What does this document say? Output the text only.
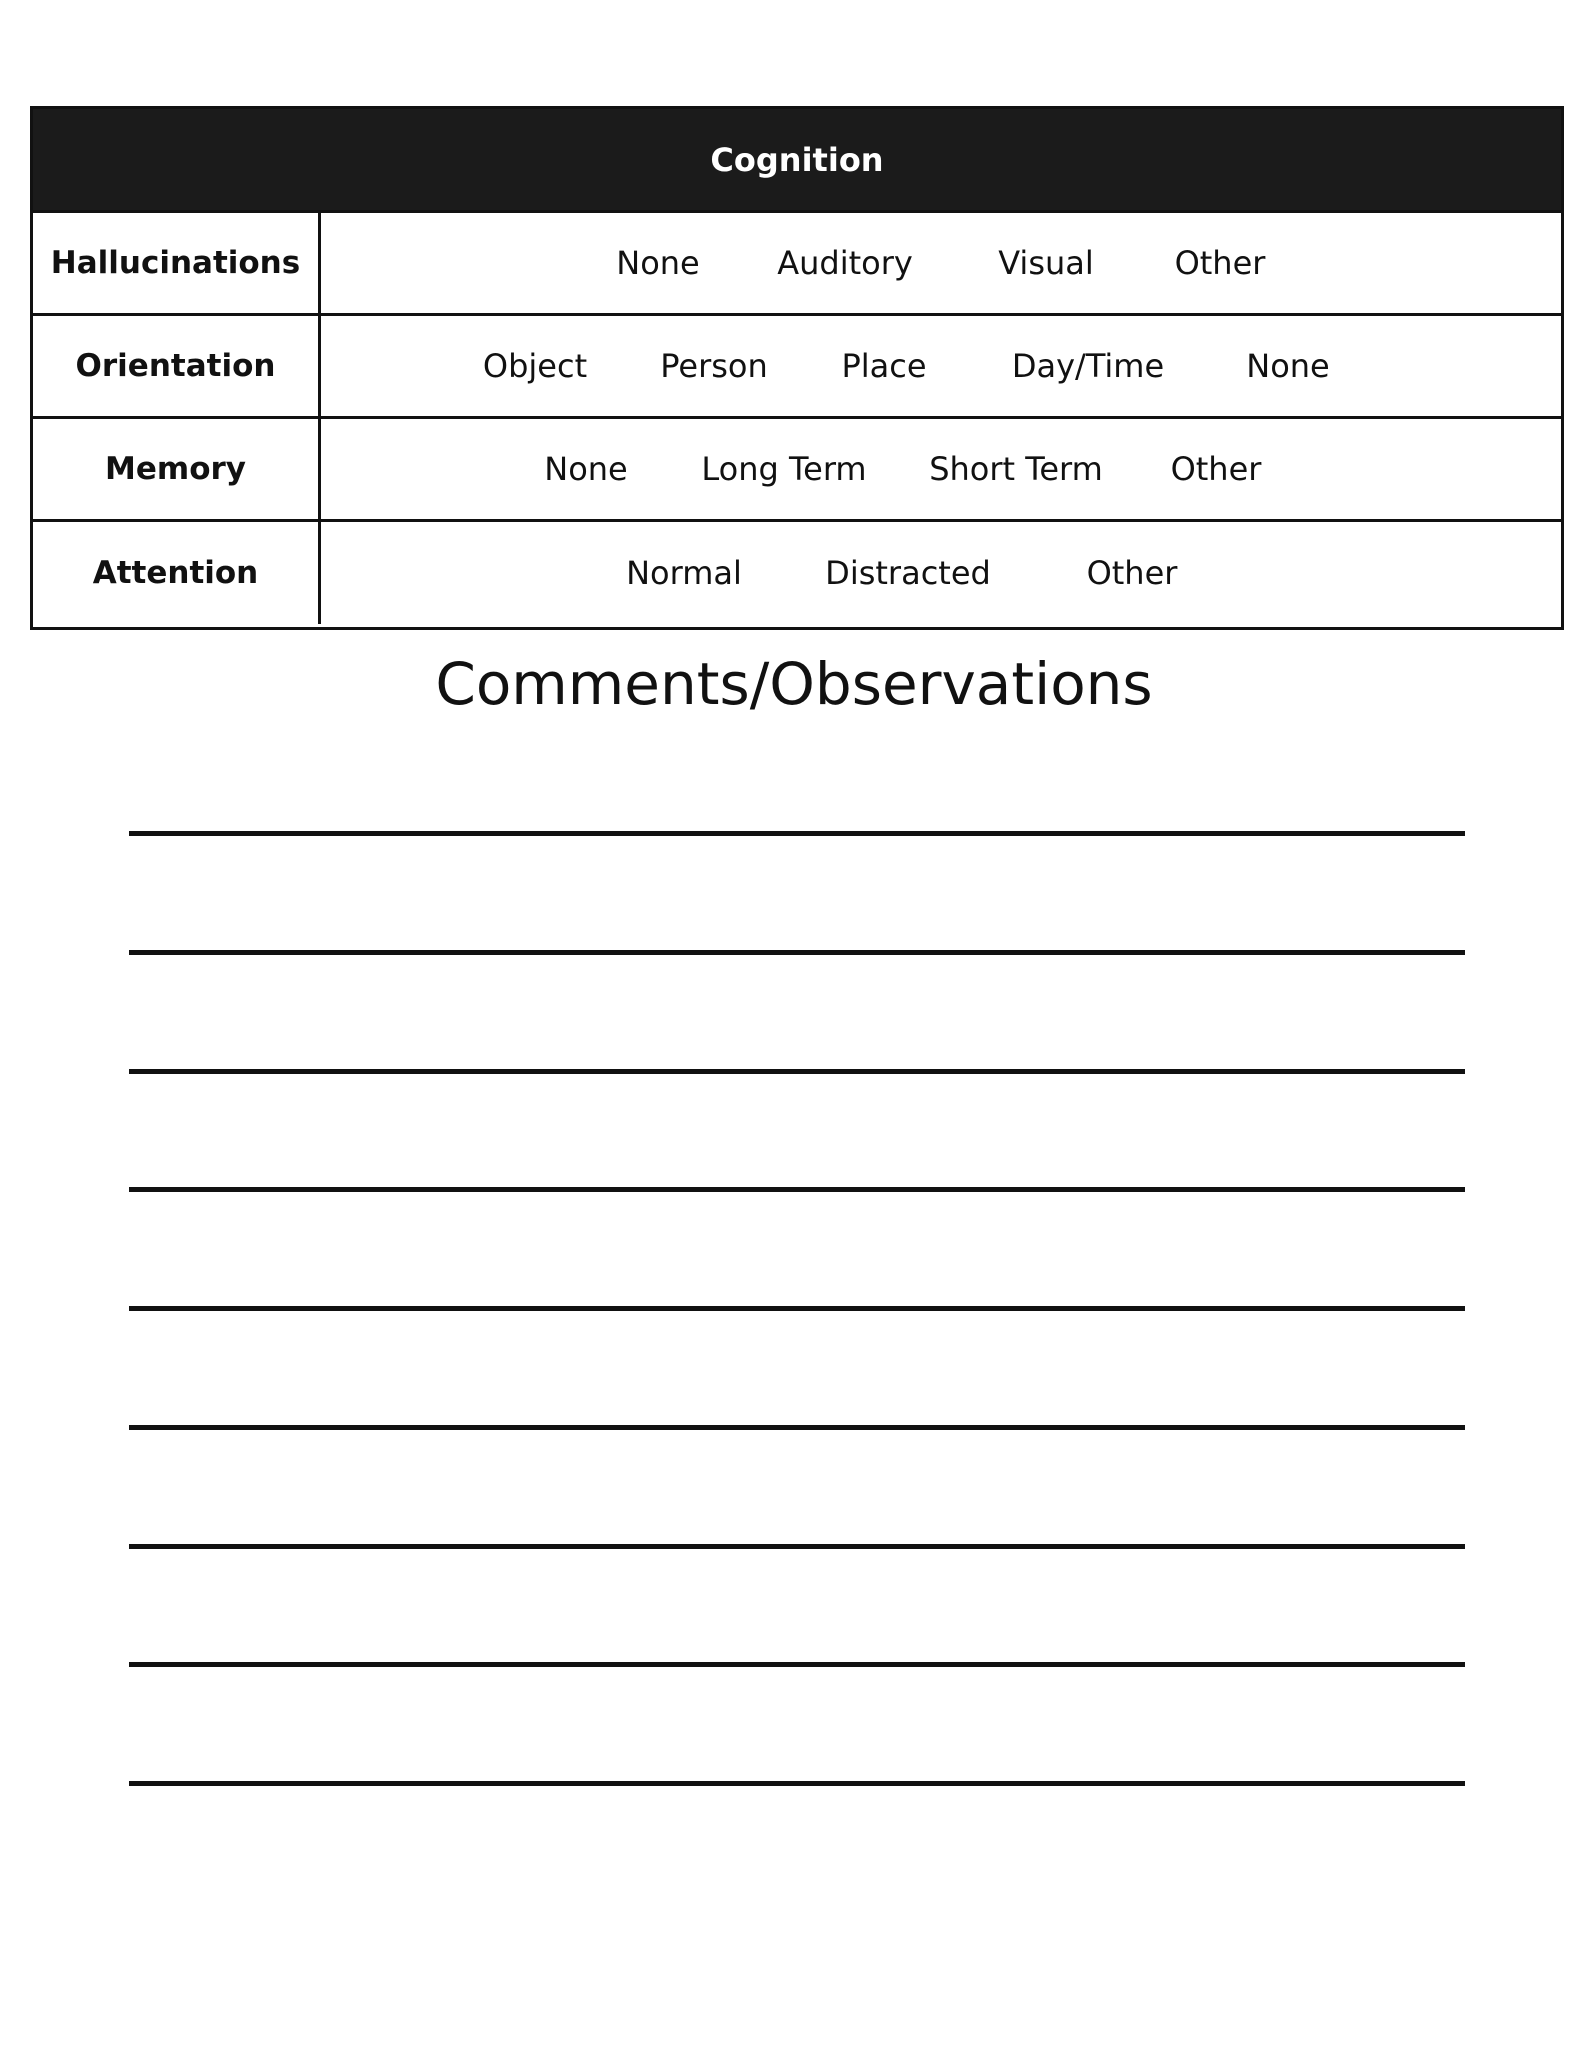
Cognition
Hallucinations	None Auditory	Visual	Other
Orientation	Object Person Place	Day/Time	None
Memory	None Long Term Short Term Other
Attention	Normal	Distracted	Other
Comments/Observations
